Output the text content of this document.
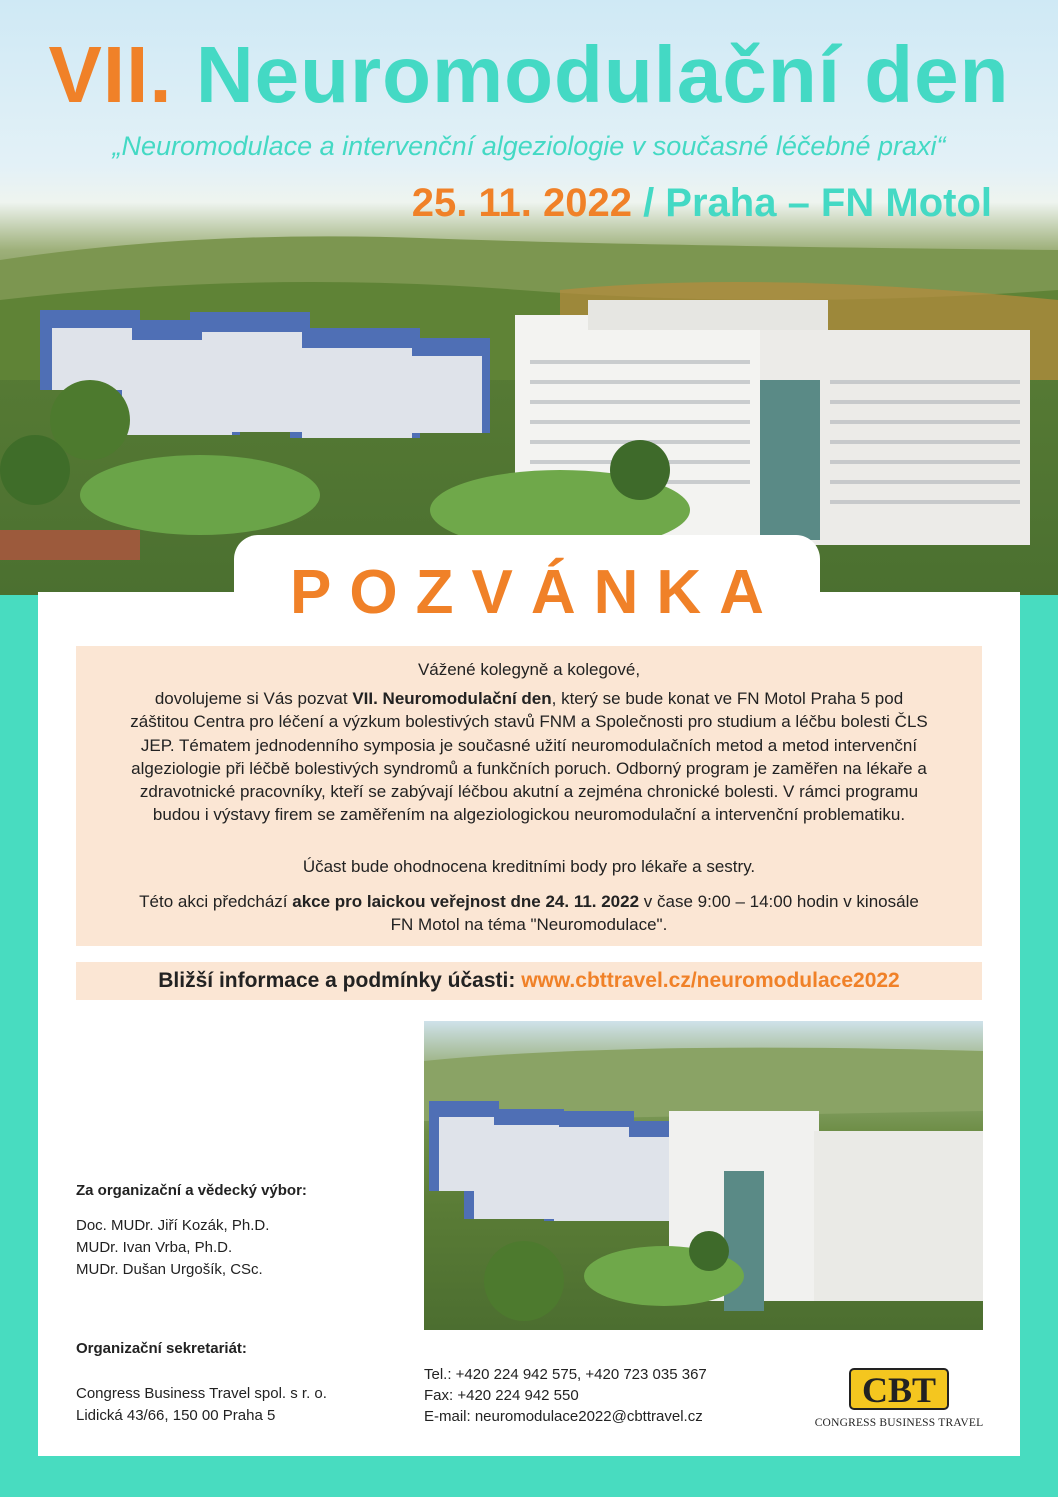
VII. Neuromodulační den
„Neuromodulace a intervenční algeziologie v současné léčebné praxi“
25. 11. 2022 / Praha – FN Motol
POZVÁNKA

Vážené kolegyně a kolegové,

dovolujeme si Vás pozvat VII. Neuromodulační den, který se bude konat ve FN Motol Praha 5 pod záštitou Centra pro léčení a výzkum bolestivých stavů FNM a Společnosti pro studium a léčbu bolesti ČLS JEP. Tématem jednodenního symposia je současné užití neuromodulačních metod a metod intervenční algeziologie při léčbě bolestivých syndromů a funkčních poruch. Odborný program je zaměřen na lékaře a zdravotnické pracovníky, kteří se zabývají léčbou akutní a zejména chronické bolesti. V rámci programu budou i výstavy firem se zaměřením na algeziologickou neuromodulační a intervenční problematiku.

Účast bude ohodnocena kreditními body pro lékaře a sestry.

Této akci předchází akce pro laickou veřejnost dne 24. 11. 2022 v čase 9:00 – 14:00 hodin v kinosále FN Motol na téma "Neuromodulace".

Bližší informace a podmínky účasti: www.cbttravel.cz/neuromodulace2022
Za organizační a vědecký výbor:
Doc. MUDr. Jiří Kozák, Ph.D.
MUDr. Ivan Vrba, Ph.D.
MUDr. Dušan Urgošík, CSc.
Organizační sekretariát:
Congress Business Travel spol. s r. o.
Lidická 43/66, 150 00 Praha 5
Tel.: +420 224 942 575, +420 723 035 367
Fax: +420 224 942 550
E-mail: neuromodulace2022@cbttravel.cz
CBT
CONGRESS BUSINESS TRAVEL
